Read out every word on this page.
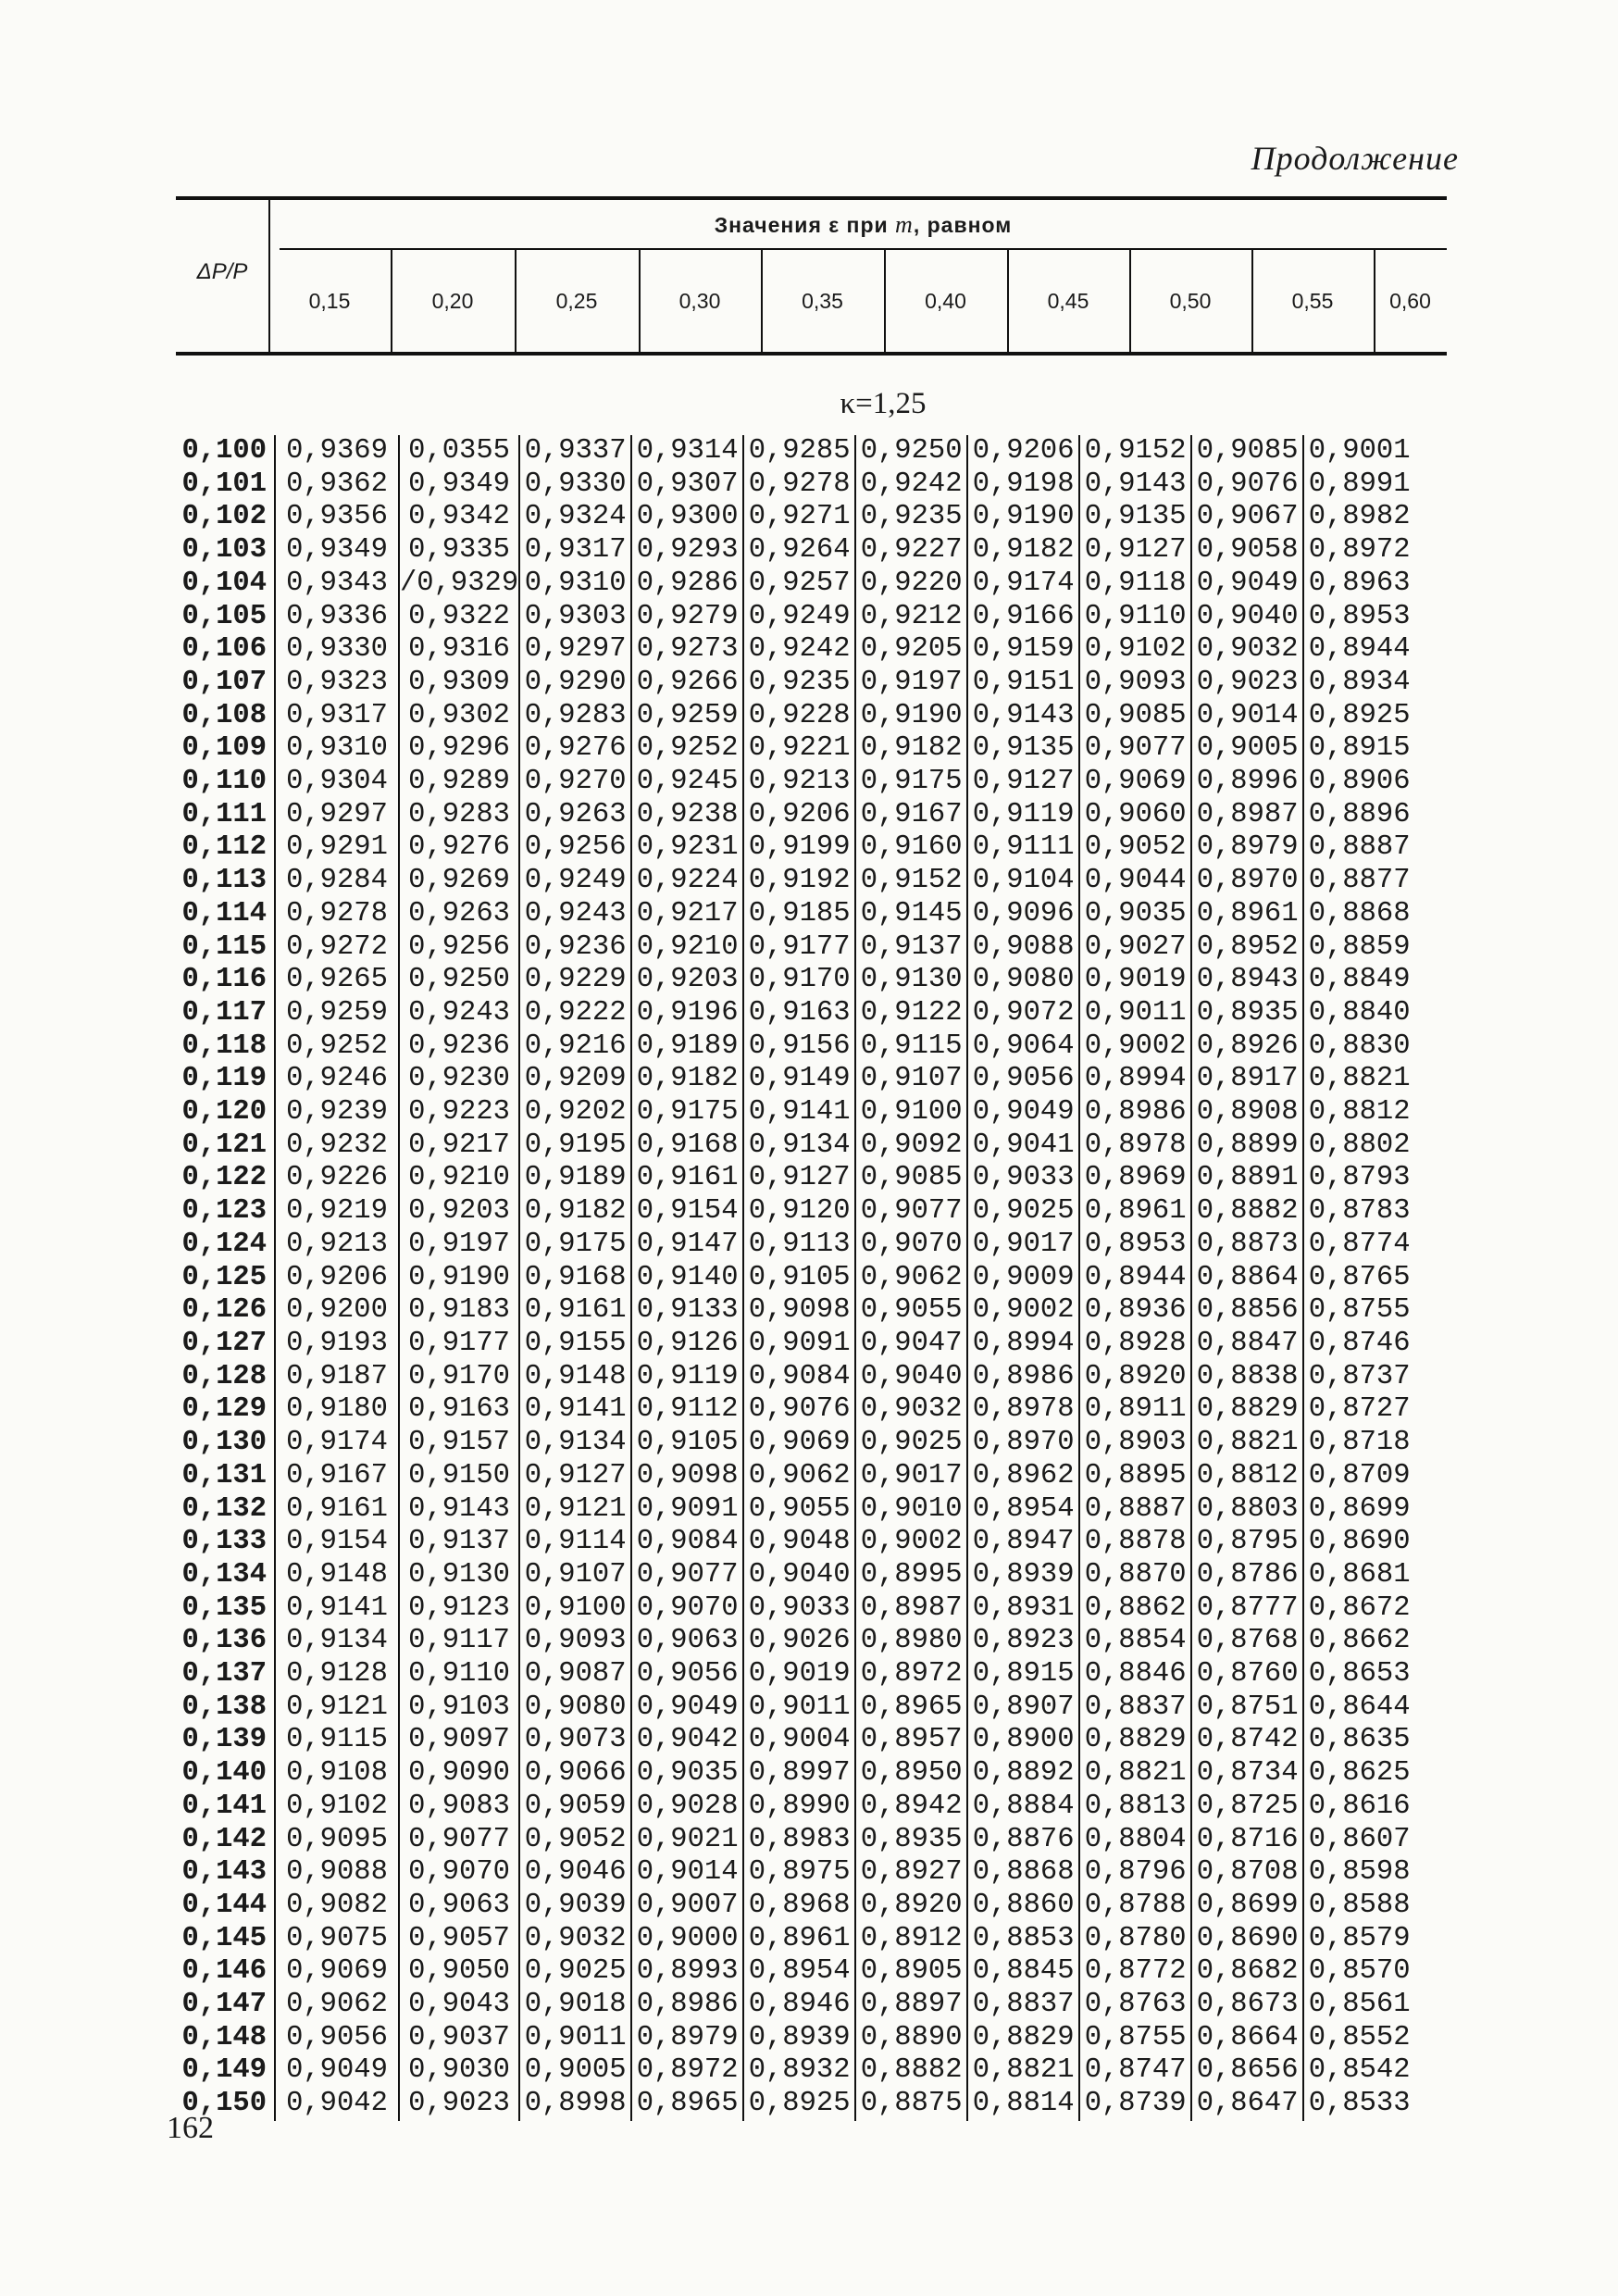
Продолжение
Значения ε при m, равном
ΔP/P
0,15	0,20	0,25	0,30	0,35	0,40	0,45	0,50	0,55	0,60
κ=1,25
0,100	0,9369	0,0355	0,9337	0,9314	0,9285	0,9250	0,9206	0,9152	0,9085	0,9001
0,101	0,9362	0,9349	0,9330	0,9307	0,9278	0,9242	0,9198	0,9143	0,9076	0,8991
0,102	0,9356	0,9342	0,9324	0,9300	0,9271	0,9235	0,9190	0,9135	0,9067	0,8982
0,103	0,9349	0,9335	0,9317	0,9293	0,9264	0,9227	0,9182	0,9127	0,9058	0,8972
0,104	0,9343	/0,9329	0,9310	0,9286	0,9257	0,9220	0,9174	0,9118	0,9049	0,8963
0,105	0,9336	0,9322	0,9303	0,9279	0,9249	0,9212	0,9166	0,9110	0,9040	0,8953
0,106	0,9330	0,9316	0,9297	0,9273	0,9242	0,9205	0,9159	0,9102	0,9032	0,8944
0,107	0,9323	0,9309	0,9290	0,9266	0,9235	0,9197	0,9151	0,9093	0,9023	0,8934
0,108	0,9317	0,9302	0,9283	0,9259	0,9228	0,9190	0,9143	0,9085	0,9014	0,8925
0,109	0,9310	0,9296	0,9276	0,9252	0,9221	0,9182	0,9135	0,9077	0,9005	0,8915
0,110	0,9304	0,9289	0,9270	0,9245	0,9213	0,9175	0,9127	0,9069	0,8996	0,8906
0,111	0,9297	0,9283	0,9263	0,9238	0,9206	0,9167	0,9119	0,9060	0,8987	0,8896
0,112	0,9291	0,9276	0,9256	0,9231	0,9199	0,9160	0,9111	0,9052	0,8979	0,8887
0,113	0,9284	0,9269	0,9249	0,9224	0,9192	0,9152	0,9104	0,9044	0,8970	0,8877
0,114	0,9278	0,9263	0,9243	0,9217	0,9185	0,9145	0,9096	0,9035	0,8961	0,8868
0,115	0,9272	0,9256	0,9236	0,9210	0,9177	0,9137	0,9088	0,9027	0,8952	0,8859
0,116	0,9265	0,9250	0,9229	0,9203	0,9170	0,9130	0,9080	0,9019	0,8943	0,8849
0,117	0,9259	0,9243	0,9222	0,9196	0,9163	0,9122	0,9072	0,9011	0,8935	0,8840
0,118	0,9252	0,9236	0,9216	0,9189	0,9156	0,9115	0,9064	0,9002	0,8926	0,8830
0,119	0,9246	0,9230	0,9209	0,9182	0,9149	0,9107	0,9056	0,8994	0,8917	0,8821
0,120	0,9239	0,9223	0,9202	0,9175	0,9141	0,9100	0,9049	0,8986	0,8908	0,8812
0,121	0,9232	0,9217	0,9195	0,9168	0,9134	0,9092	0,9041	0,8978	0,8899	0,8802
0,122	0,9226	0,9210	0,9189	0,9161	0,9127	0,9085	0,9033	0,8969	0,8891	0,8793
0,123	0,9219	0,9203	0,9182	0,9154	0,9120	0,9077	0,9025	0,8961	0,8882	0,8783
0,124	0,9213	0,9197	0,9175	0,9147	0,9113	0,9070	0,9017	0,8953	0,8873	0,8774
0,125	0,9206	0,9190	0,9168	0,9140	0,9105	0,9062	0,9009	0,8944	0,8864	0,8765
0,126	0,9200	0,9183	0,9161	0,9133	0,9098	0,9055	0,9002	0,8936	0,8856	0,8755
0,127	0,9193	0,9177	0,9155	0,9126	0,9091	0,9047	0,8994	0,8928	0,8847	0,8746
0,128	0,9187	0,9170	0,9148	0,9119	0,9084	0,9040	0,8986	0,8920	0,8838	0,8737
0,129	0,9180	0,9163	0,9141	0,9112	0,9076	0,9032	0,8978	0,8911	0,8829	0,8727
0,130	0,9174	0,9157	0,9134	0,9105	0,9069	0,9025	0,8970	0,8903	0,8821	0,8718
0,131	0,9167	0,9150	0,9127	0,9098	0,9062	0,9017	0,8962	0,8895	0,8812	0,8709
0,132	0,9161	0,9143	0,9121	0,9091	0,9055	0,9010	0,8954	0,8887	0,8803	0,8699
0,133	0,9154	0,9137	0,9114	0,9084	0,9048	0,9002	0,8947	0,8878	0,8795	0,8690
0,134	0,9148	0,9130	0,9107	0,9077	0,9040	0,8995	0,8939	0,8870	0,8786	0,8681
0,135	0,9141	0,9123	0,9100	0,9070	0,9033	0,8987	0,8931	0,8862	0,8777	0,8672
0,136	0,9134	0,9117	0,9093	0,9063	0,9026	0,8980	0,8923	0,8854	0,8768	0,8662
0,137	0,9128	0,9110	0,9087	0,9056	0,9019	0,8972	0,8915	0,8846	0,8760	0,8653
0,138	0,9121	0,9103	0,9080	0,9049	0,9011	0,8965	0,8907	0,8837	0,8751	0,8644
0,139	0,9115	0,9097	0,9073	0,9042	0,9004	0,8957	0,8900	0,8829	0,8742	0,8635
0,140	0,9108	0,9090	0,9066	0,9035	0,8997	0,8950	0,8892	0,8821	0,8734	0,8625
0,141	0,9102	0,9083	0,9059	0,9028	0,8990	0,8942	0,8884	0,8813	0,8725	0,8616
0,142	0,9095	0,9077	0,9052	0,9021	0,8983	0,8935	0,8876	0,8804	0,8716	0,8607
0,143	0,9088	0,9070	0,9046	0,9014	0,8975	0,8927	0,8868	0,8796	0,8708	0,8598
0,144	0,9082	0,9063	0,9039	0,9007	0,8968	0,8920	0,8860	0,8788	0,8699	0,8588
0,145	0,9075	0,9057	0,9032	0,9000	0,8961	0,8912	0,8853	0,8780	0,8690	0,8579
0,146	0,9069	0,9050	0,9025	0,8993	0,8954	0,8905	0,8845	0,8772	0,8682	0,8570
0,147	0,9062	0,9043	0,9018	0,8986	0,8946	0,8897	0,8837	0,8763	0,8673	0,8561
0,148	0,9056	0,9037	0,9011	0,8979	0,8939	0,8890	0,8829	0,8755	0,8664	0,8552
0,149	0,9049	0,9030	0,9005	0,8972	0,8932	0,8882	0,8821	0,8747	0,8656	0,8542
0,150	0,9042	0,9023	0,8998	0,8965	0,8925	0,8875	0,8814	0,8739	0,8647	0,8533
162
